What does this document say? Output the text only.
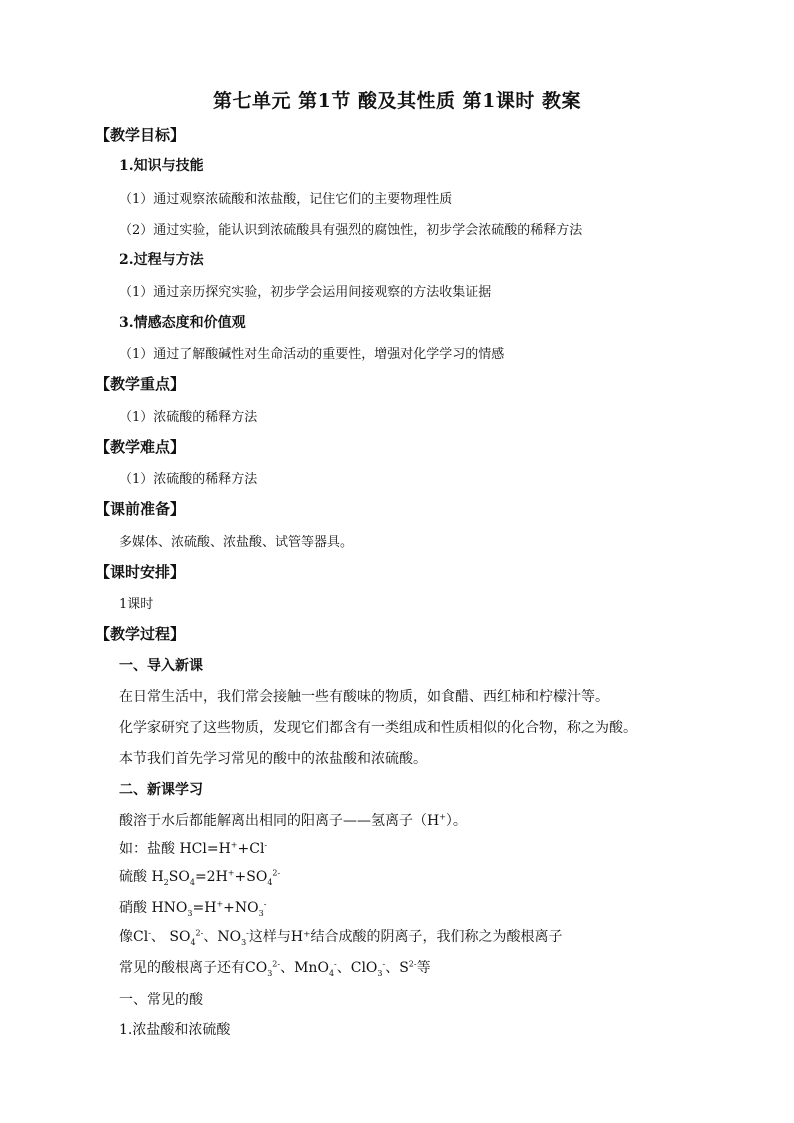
第七单元 第1节 酸及其性质 第1课时 教案
【教学目标】
1.知识与技能
（1）通过观察浓硫酸和浓盐酸，记住它们的主要物理性质
（2）通过实验，能认识到浓硫酸具有强烈的腐蚀性，初步学会浓硫酸的稀释方法
2.过程与方法
（1）通过亲历探究实验，初步学会运用间接观察的方法收集证据
3.情感态度和价值观
（1）通过了解酸碱性对生命活动的重要性，增强对化学学习的情感
【教学重点】
（1）浓硫酸的稀释方法
【教学难点】
（1）浓硫酸的稀释方法
【课前准备】
多媒体、浓硫酸、浓盐酸、试管等器具。
【课时安排】
1课时
【教学过程】
一、导入新课
在日常生活中，我们常会接触一些有酸味的物质，如食醋、西红柿和柠檬汁等。
化学家研究了这些物质，发现它们都含有一类组成和性质相似的化合物，称之为酸。
本节我们首先学习常见的酸中的浓盐酸和浓硫酸。
二、新课学习
酸溶于水后都能解离出相同的阳离子——氢离子（H+）。
如：盐酸 HCl=H++Cl-
硫酸 $H_2SO_4=2H^++SO_4^{2-}$
硝酸 $HNO_3=H^++NO_3^-$
像Cl-、 $SO_4^{2-}$、$NO_3^-$这样与H⁺结合成酸的阴离子，我们称之为酸根离子
常见的酸根离子还有$CO_3^{2-}$、MnO$_4$-、ClO$_3$-、$S^{2-}$等
一、常见的酸
1.浓盐酸和浓硫酸
